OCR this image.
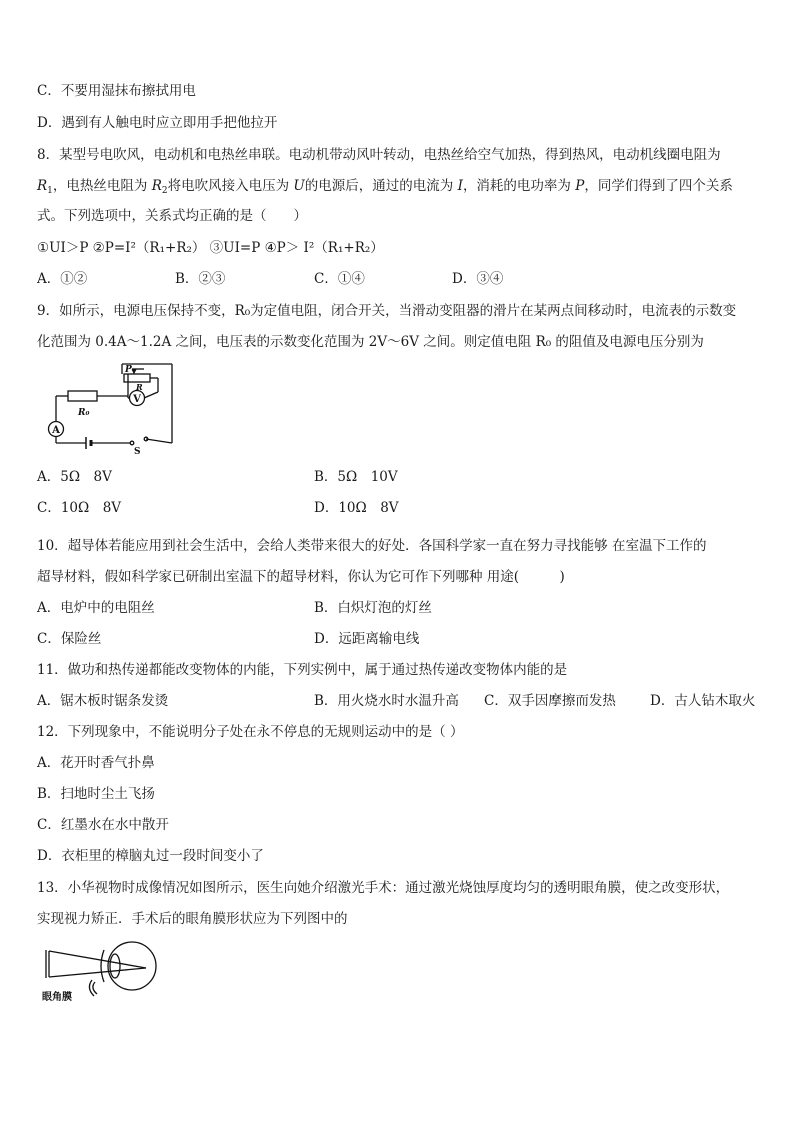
C．不要用湿抹布擦拭用电
D．遇到有人触电时应立即用手把他拉开
8．某型号电吹风，电动机和电热丝串联。电动机带动风叶转动，电热丝给空气加热，得到热风，电动机线圈电阻为
$R_1$，电热丝电阻为 $R_2$将电吹风接入电压为 U的电源后，通过的电流为 I，消耗的电功率为 P，同学们得到了四个关系
式。下列选项中，关系式均正确的是（　　）
①UI＞P ②P=I²（R₁+R₂） ③UI=P ④P＞ I²（R₁+R₂）
A．①②	B．②③	C．①④	D．③④
9．如所示，电源电压保持不变，R₀为定值电阻，闭合开关，当滑动变阻器的滑片在某两点间移动时，电流表的示数变
化范围为 0.4A～1.2A 之间，电压表的示数变化范围为 2V～6V 之间。则定值电阻 R₀ 的阻值及电源电压分别为
A
V
P
R
R₀
S
A．5Ω　8V	B．5Ω　10V
C．10Ω　8V	D．10Ω　8V
10．超导体若能应用到社会生活中，会给人类带来很大的好处．各国科学家一直在努力寻找能够 在室温下工作的
超导材料，假如科学家已研制出室温下的超导材料，你认为它可作下列哪种 用途(　　　)
A．电炉中的电阻丝	B．白炽灯泡的灯丝
C．保险丝	D．远距离输电线
11．做功和热传递都能改变物体的内能，下列实例中，属于通过热传递改变物体内能的是
A．锯木板时锯条发烫	B．用火烧水时水温升高 C．双手因摩擦而发热	D．古人钻木取火
12．下列现象中，不能说明分子处在永不停息的无规则运动中的是（ ）
A．花开时香气扑鼻
B．扫地时尘土飞扬
C．红墨水在水中散开
D．衣柜里的樟脑丸过一段时间变小了
13．小华视物时成像情况如图所示，医生向她介绍激光手术：通过激光烧蚀厚度均匀的透明眼角膜，使之改变形状，
实现视力矫正．手术后的眼角膜形状应为下列图中的
眼角膜
